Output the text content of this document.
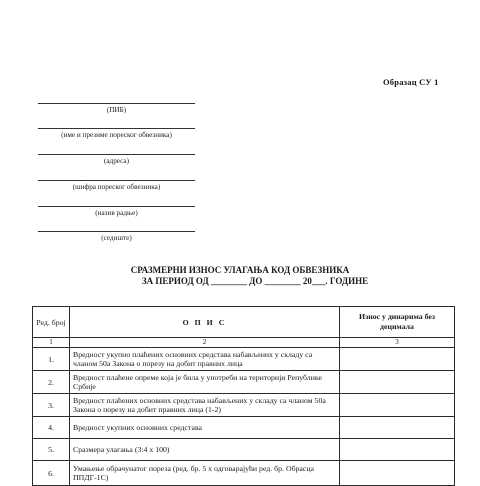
Образац СУ 1
(ПИБ)
(име и презиме пореског обвезника)
(адреса)
(шифра пореског обвезника)
(назив радње)
(седиште)
СРАЗМЕРНИ ИЗНОС УЛАГАЊА КОД ОБВЕЗНИКА
ЗА ПЕРИОД ОД ________ ДО ________ 20___. ГОДИНЕ
Ред. број	О П И С	Износ у динарима без децимала
1	2	3
1.	Вредност укупно плаћених основних средстава набављених у складу са чланом 50а Закона о порезу на добит правних лица	
2.	Вредност плаћене опреме која је била у употреби на територији Републике Србије	
3.	Вредност плаћених основних средстава набављених у складу са чланом 50а Закона о порезу на добит правних лица (1-2)	
4.	Вредност укупних основних средстава	
5.	Сразмера улагања (3:4 х 100)	
6.	Умањење обрачунатог пореза (ред. бр. 5 х одговарајући ред. бр. Обрасца ППДГ-1С)	
